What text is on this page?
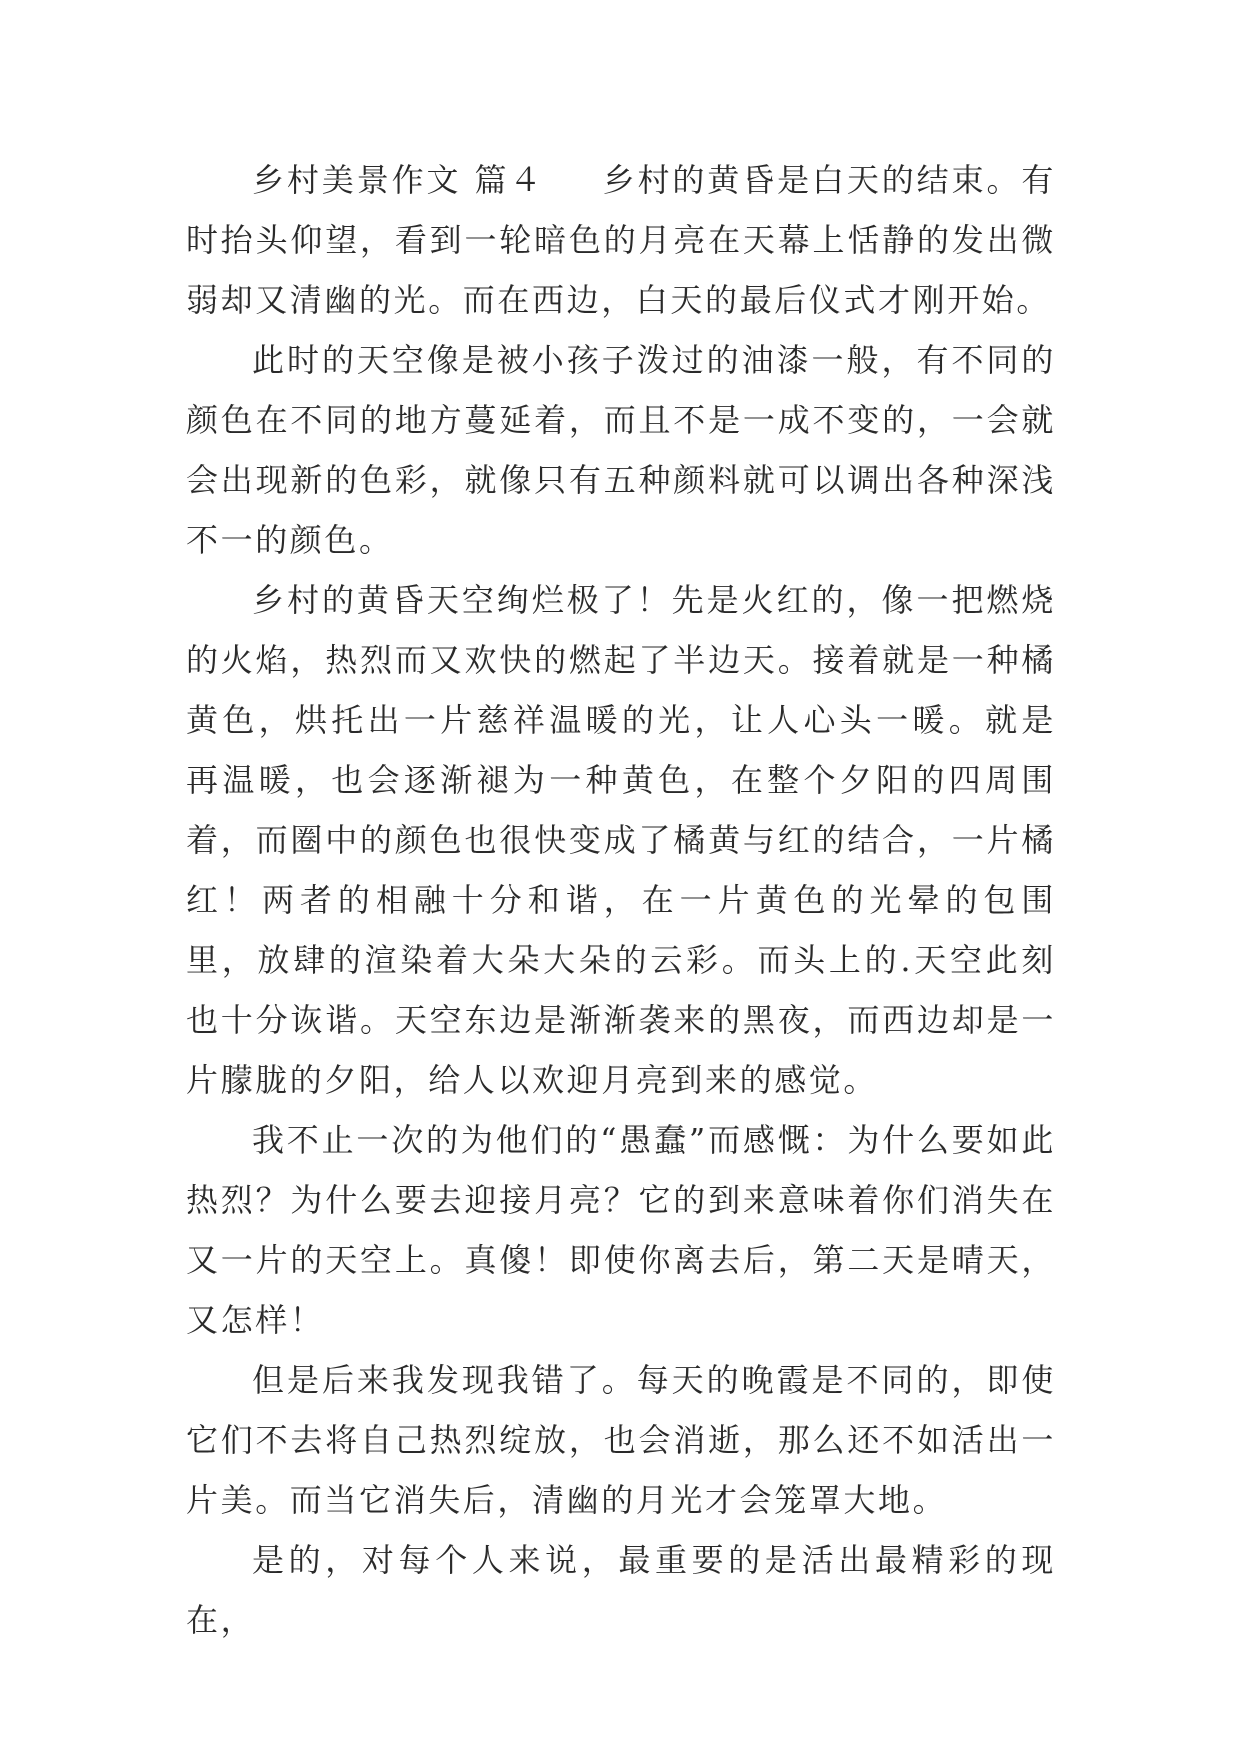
乡村美景作文 篇４ 乡村的黄昏是白天的结束。有时抬头仰望，看到一轮暗色的月亮在天幕上恬静的发出微弱却又清幽的光。而在西边，白天的最后仪式才刚开始。

此时的天空像是被小孩子泼过的油漆一般，有不同的颜色在不同的地方蔓延着，而且不是一成不变的，一会就会出现新的色彩，就像只有五种颜料就可以调出各种深浅不一的颜色。

乡村的黄昏天空绚烂极了！先是火红的，像一把燃烧的火焰，热烈而又欢快的燃起了半边天。接着就是一种橘黄色，烘托出一片慈祥温暖的光，让人心头一暖。就是 再温暖，也会逐渐褪为一种黄色，在整个夕阳的四周围着，而圈中的颜色也很快变成了橘黄与红的结合，一片橘红！两者的相融十分和谐，在一片黄色的光晕的包围 里，放肆的渲染着大朵大朵的云彩。而头上的.天空此刻也十分诙谐。天空东边是渐渐袭来的黑夜，而西边却是一片朦胧的夕阳，给人以欢迎月亮到来的感觉。

我不止一次的为他们的“愚蠢”而感慨：为什么要如此热烈？为什么要去迎接月亮？它的到来意味着你们消失在又一片的天空上。真傻！即使你离去后，第二天是晴天，又怎样！

但是后来我发现我错了。每天的晚霞是不同的，即使它们不去将自己热烈绽放，也会消逝，那么还不如活出一片美。而当它消失后，清幽的月光才会笼罩大地。

是的，对每个人来说，最重要的是活出最精彩的现在，
